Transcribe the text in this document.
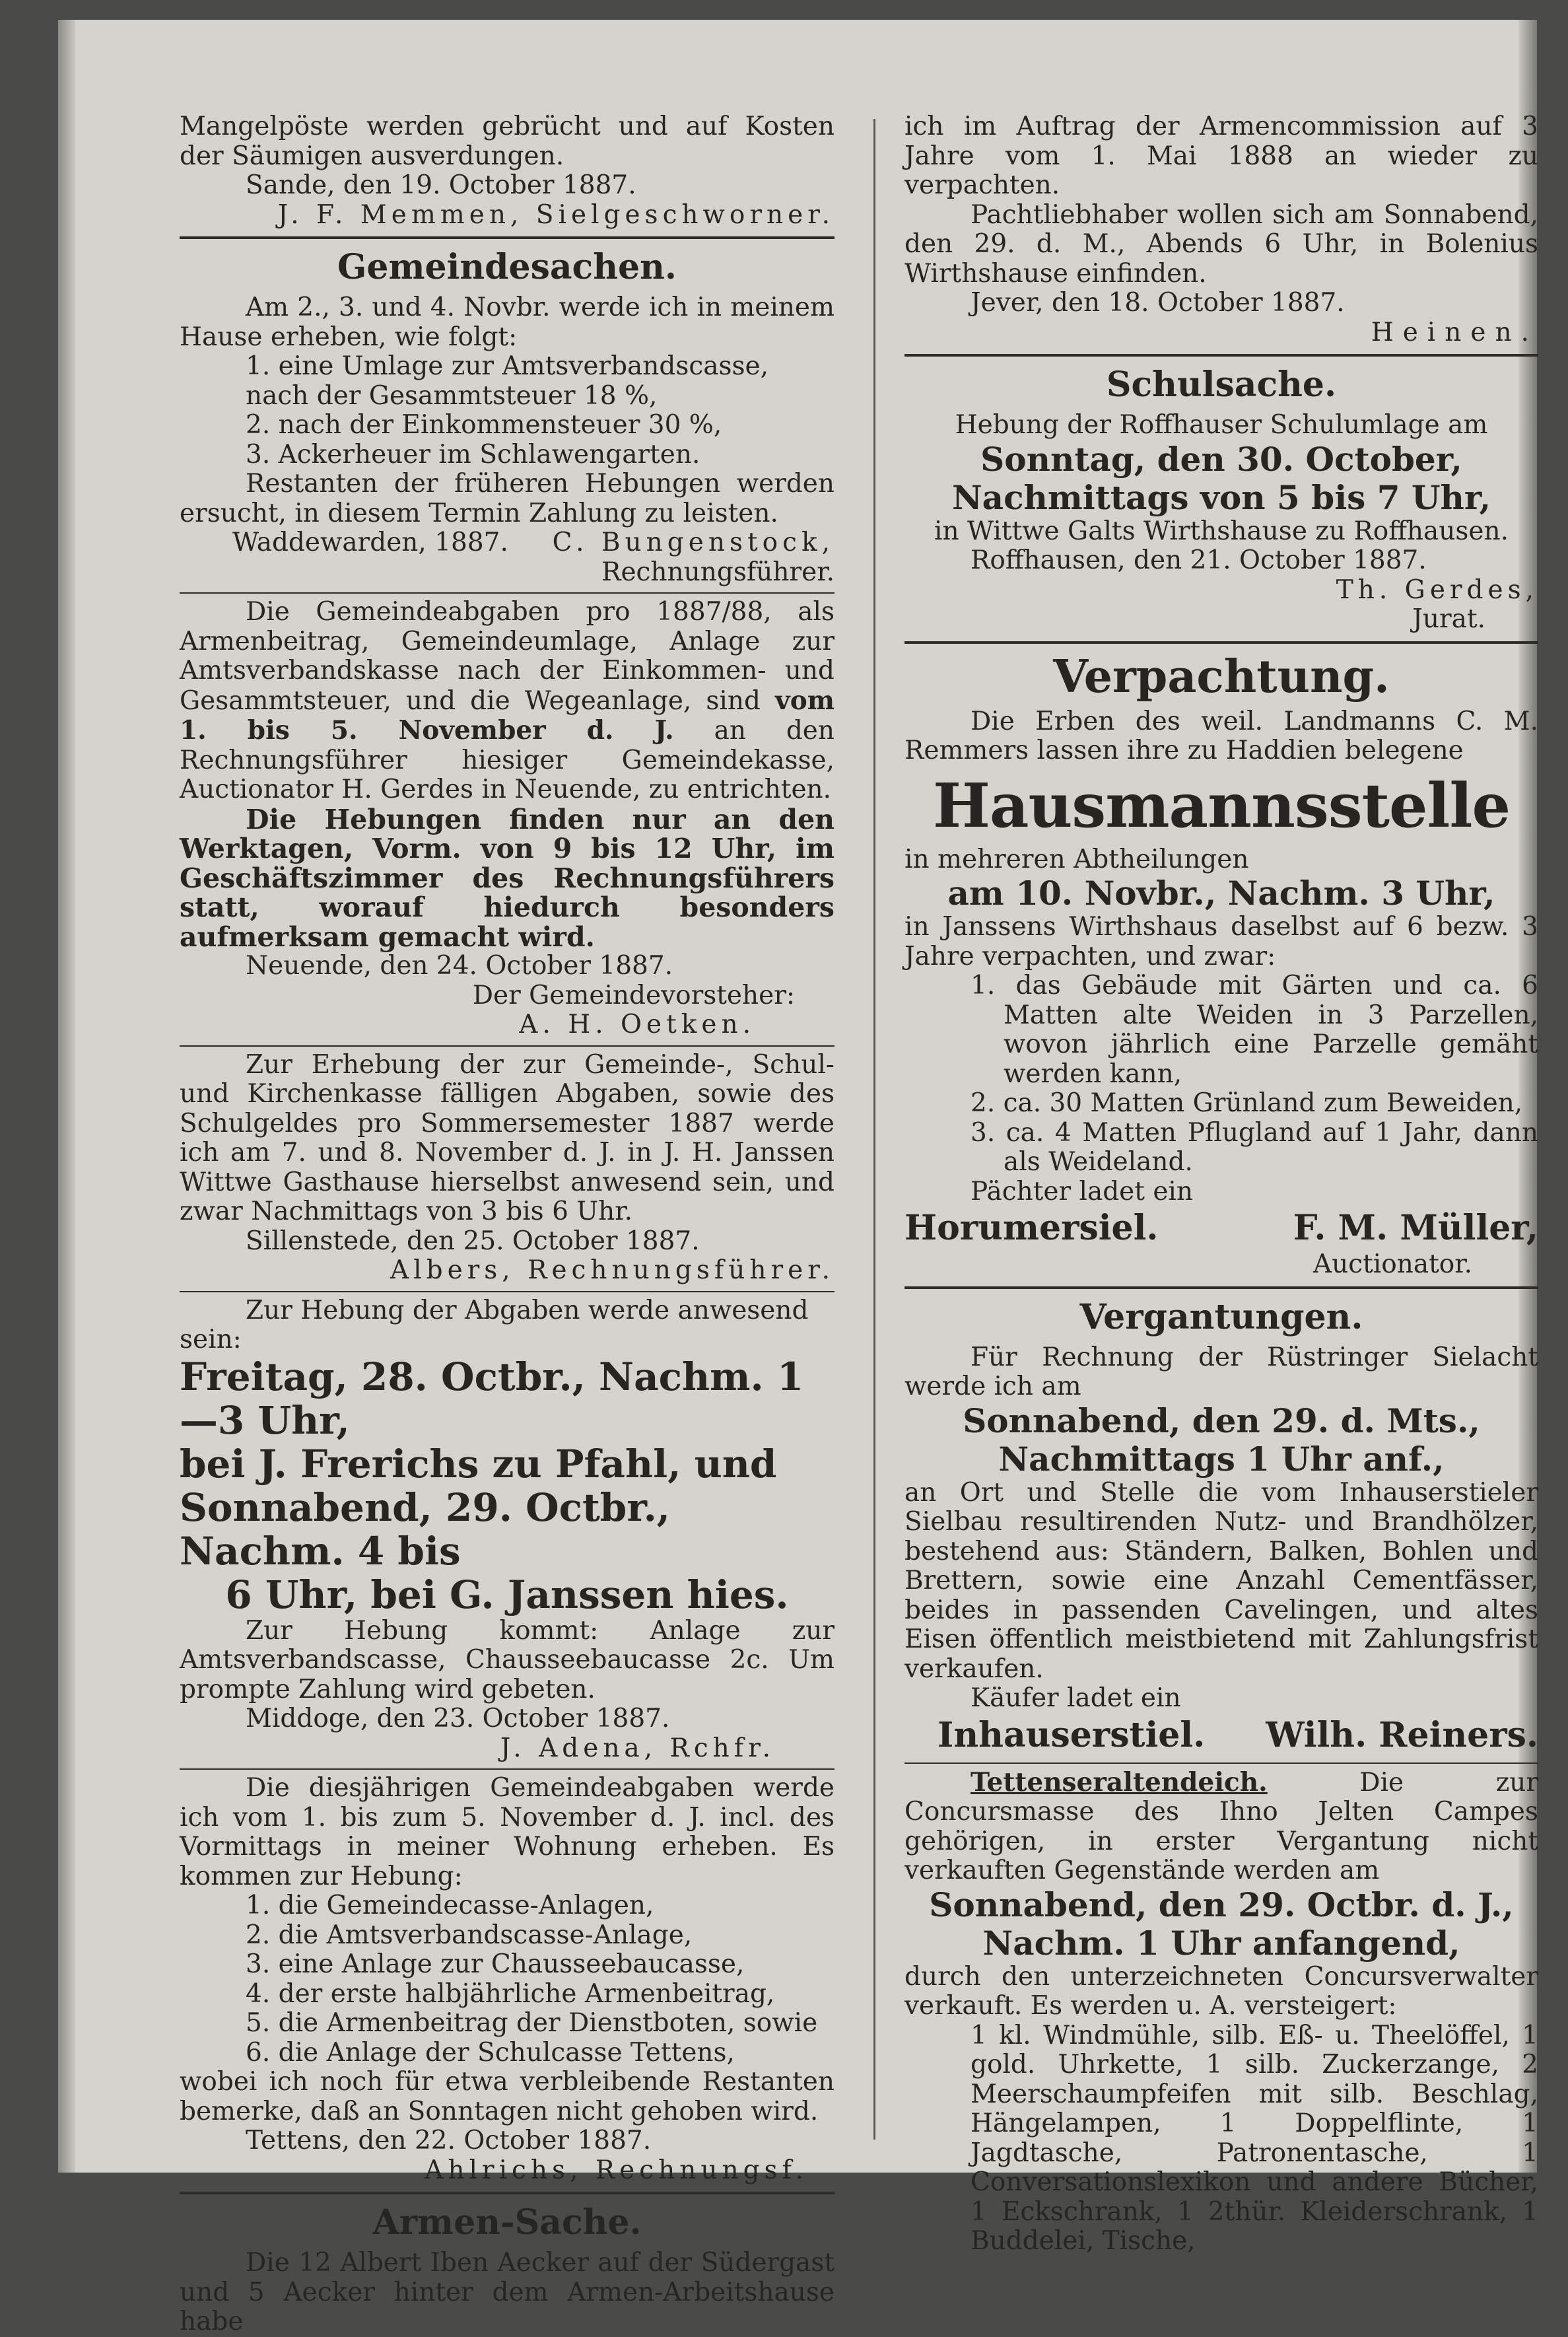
Mangelpöste werden gebrücht und auf Kosten der Säumigen ausverdungen.
Sande, den 19. October 1887.
J. F. Memmen, Sielgeschworner.
Gemeindesachen.
Am 2., 3. und 4. Novbr. werde ich in meinem Hause erheben, wie folgt:
1. eine Umlage zur Amtsverbandscasse, nach der Gesammtsteuer 18 %,
2. nach der Einkommensteuer 30 %,
3. Ackerheuer im Schlawengarten.
Restanten der früheren Hebungen werden ersucht, in diesem Termin Zahlung zu leisten.
Waddewarden, 1887. C. Bungenstock,
Rechnungsführer.
Die Gemeindeabgaben pro 1887/88, als Armenbeitrag, Gemeindeumlage, Anlage zur Amtsverbandskasse nach der Einkommen- und Gesammtsteuer, und die Wegeanlage, sind vom 1. bis 5. November d. J. an den Rechnungsführer hiesiger Gemeindekasse, Auctionator H. Gerdes in Neuende, zu entrichten.
Die Hebungen finden nur an den Werktagen, Vorm. von 9 bis 12 Uhr, im Geschäftszimmer des Rechnungsführers statt, worauf hiedurch besonders aufmerksam gemacht wird.
Neuende, den 24. October 1887.
Der Gemeindevorsteher:
A. H. Oetken.
Zur Erhebung der zur Gemeinde-, Schul- und Kirchenkasse fälligen Abgaben, sowie des Schulgeldes pro Sommersemester 1887 werde ich am 7. und 8. November d. J. in J. H. Janssen Wittwe Gasthause hierselbst anwesend sein, und zwar Nachmittags von 3 bis 6 Uhr.
Sillenstede, den 25. October 1887.
Albers, Rechnungsführer.
Zur Hebung der Abgaben werde anwesend sein:
Freitag, 28. Octbr., Nachm. 1—3 Uhr,
bei J. Frerichs zu Pfahl, und
Sonnabend, 29. Octbr., Nachm. 4 bis
6 Uhr, bei G. Janssen hies.
Zur Hebung kommt: Anlage zur Amtsverbandscasse, Chausseebaucasse 2c. Um prompte Zahlung wird gebeten.
Middoge, den 23. October 1887.
J. Adena, Rchfr.
Die diesjährigen Gemeindeabgaben werde ich vom 1. bis zum 5. November d. J. incl. des Vormittags in meiner Wohnung erheben. Es kommen zur Hebung:
1. die Gemeindecasse-Anlagen,
2. die Amtsverbandscasse-Anlage,
3. eine Anlage zur Chausseebaucasse,
4. der erste halbjährliche Armenbeitrag,
5. die Armenbeitrag der Dienstboten, sowie
6. die Anlage der Schulcasse Tettens,
wobei ich noch für etwa verbleibende Restanten bemerke, daß an Sonntagen nicht gehoben wird.
Tettens, den 22. October 1887.
Ahlrichs, Rechnungsf.
Armen-Sache.
Die 12 Albert Iben Aecker auf der Südergast und 5 Aecker hinter dem Armen-Arbeitshause habe
ich im Auftrag der Armencommission auf 3 Jahre vom 1. Mai 1888 an wieder zu verpachten.
Pachtliebhaber wollen sich am Sonnabend, den 29. d. M., Abends 6 Uhr, in Bolenius Wirthshause einfinden.
Jever, den 18. October 1887.
Heinen.
Schulsache.
Hebung der Roffhauser Schulumlage am
Sonntag, den 30. October,
Nachmittags von 5 bis 7 Uhr,
in Wittwe Galts Wirthshause zu Roffhausen.
Roffhausen, den 21. October 1887.
Th. Gerdes,
Jurat.
Verpachtung.
Die Erben des weil. Landmanns C. M. Remmers lassen ihre zu Haddien belegene
Hausmannsstelle
in mehreren Abtheilungen
am 10. Novbr., Nachm. 3 Uhr,
in Janssens Wirthshaus daselbst auf 6 bezw. 3 Jahre verpachten, und zwar:
1. das Gebäude mit Gärten und ca. 6 Matten alte Weiden in 3 Parzellen, wovon jährlich eine Parzelle gemäht werden kann,
2. ca. 30 Matten Grünland zum Beweiden,
3. ca. 4 Matten Pflugland auf 1 Jahr, dann als Weideland.
Pächter ladet ein
Horumersiel.	F. M. Müller,
Auctionator.
Vergantungen.
Für Rechnung der Rüstringer Sielacht werde ich am
Sonnabend, den 29. d. Mts.,
Nachmittags 1 Uhr anf.,
an Ort und Stelle die vom Inhauserstieler Sielbau resultirenden Nutz- und Brandhölzer, bestehend aus: Ständern, Balken, Bohlen und Brettern, sowie eine Anzahl Cementfässer, beides in passenden Cavelingen, und altes Eisen öffentlich meistbietend mit Zahlungsfrist verkaufen.
Käufer ladet ein
Inhauserstiel. Wilh. Reiners.
Tettenseraltendeich.	Die zur Concursmasse des Ihno Jelten Campes gehörigen, in erster Vergantung nicht verkauften Gegenstände werden am
Sonnabend, den 29. Octbr. d. J.,
Nachm. 1 Uhr anfangend,
durch den unterzeichneten Concursverwalter verkauft. Es werden u. A. versteigert:
1 kl. Windmühle, silb. Eß- u. Theelöffel, 1 gold. Uhrkette, 1 silb. Zuckerzange, 2 Meerschaumpfeifen mit silb. Beschlag, Hängelampen, 1 Doppelflinte, 1 Jagdtasche, Patronentasche, 1 Conversationslexikon und andere Bücher, 1 Eckschrank, 1 2thür. Kleiderschrank, 1 Buddelei, Tische,
